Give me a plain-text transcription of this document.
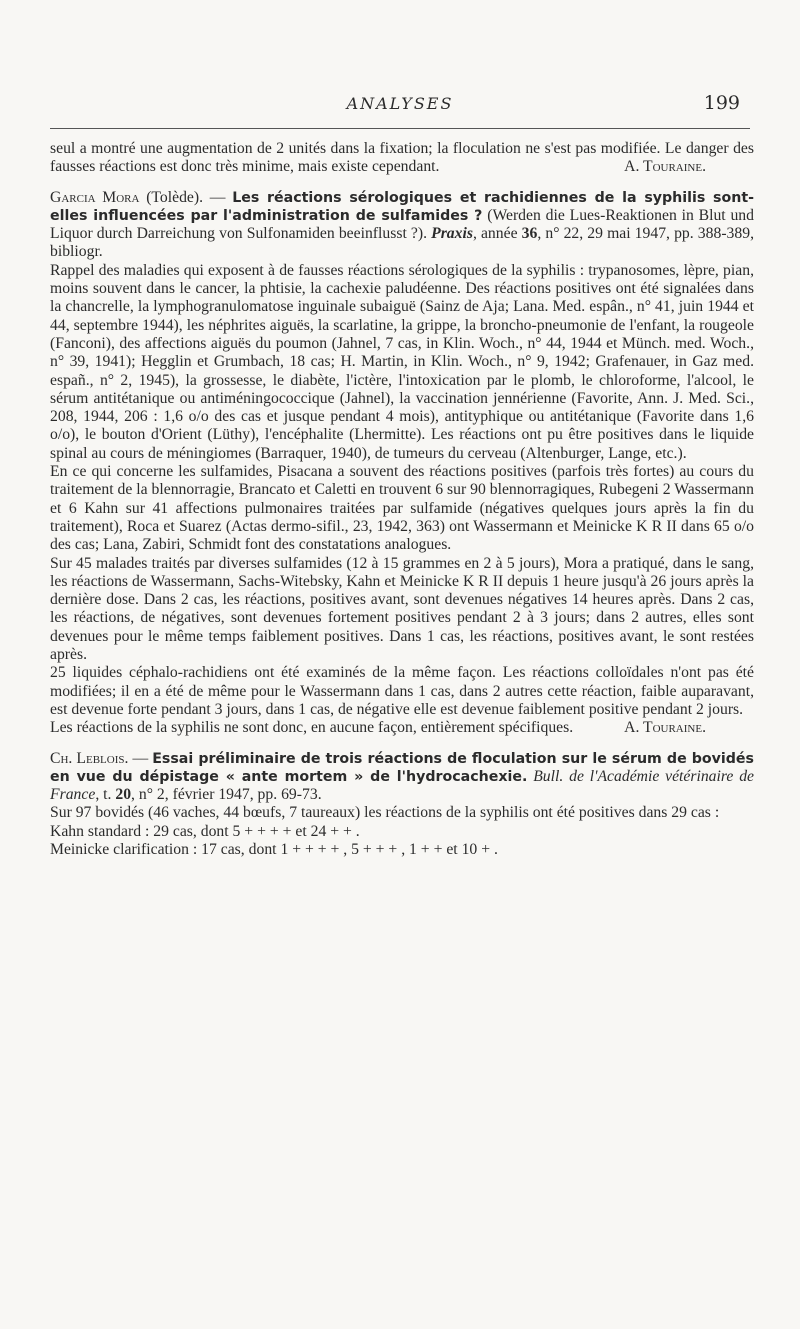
ANALYSES	199

seul a montré une augmentation de 2 unités dans la fixation; la floculation ne s'est pas modifiée. Le danger des fausses réactions est donc très minime, mais existe cependant.	A. Touraine.

Garcia Mora (Tolède). — Les réactions sérologiques et rachidiennes de la syphilis sont-elles influencées par l'administration de sulfamides ? (Werden die Lues-Reaktionen in Blut und Liquor durch Darreichung von Sulfonamiden beeinflusst ?). Praxis, année 36, n° 22, 29 mai 1947, pp. 388-389, bibliogr.

Rappel des maladies qui exposent à de fausses réactions sérologiques de la syphilis : trypanosomes, lèpre, pian, moins souvent dans le cancer, la phtisie, la cachexie paludéenne. Des réactions positives ont été signalées dans la chancrelle, la lymphogranulomatose inguinale subaiguë (Sainz de Aja; Lana. Med. espân., n° 41, juin 1944 et 44, septembre 1944), les néphrites aiguës, la scarlatine, la grippe, la broncho-pneumonie de l'enfant, la rougeole (Fanconi), des affections aiguës du poumon (Jahnel, 7 cas, in Klin. Woch., n° 44, 1944 et Münch. med. Woch., n° 39, 1941); Hegglin et Grumbach, 18 cas; H. Martin, in Klin. Woch., n° 9, 1942; Grafenauer, in Gaz med. españ., n° 2, 1945), la grossesse, le diabète, l'ictère, l'intoxication par le plomb, le chloroforme, l'alcool, le sérum antitétanique ou antiméningococcique (Jahnel), la vaccination jennérienne (Favorite, Ann. J. Med. Sci., 208, 1944, 206 : 1,6 o/o des cas et jusque pendant 4 mois), antityphique ou antitétanique (Favorite dans 1,6 o/o), le bouton d'Orient (Lüthy), l'encéphalite (Lhermitte). Les réactions ont pu être positives dans le liquide spinal au cours de méningiomes (Barraquer, 1940), de tumeurs du cerveau (Altenburger, Lange, etc.).

En ce qui concerne les sulfamides, Pisacana a souvent des réactions positives (parfois très fortes) au cours du traitement de la blennorragie, Brancato et Caletti en trouvent 6 sur 90 blennorragiques, Rubegeni 2 Wassermann et 6 Kahn sur 41 affections pulmonaires traitées par sulfamide (négatives quelques jours après la fin du traitement), Roca et Suarez (Actas dermo-sifil., 23, 1942, 363) ont Wassermann et Meinicke K R II dans 65 o/o des cas; Lana, Zabiri, Schmidt font des constatations analogues.

Sur 45 malades traités par diverses sulfamides (12 à 15 grammes en 2 à 5 jours), Mora a pratiqué, dans le sang, les réactions de Wassermann, Sachs-Witebsky, Kahn et Meinicke K R II depuis 1 heure jusqu'à 26 jours après la dernière dose. Dans 2 cas, les réactions, positives avant, sont devenues négatives 14 heures après. Dans 2 cas, les réactions, de négatives, sont devenues fortement positives pendant 2 à 3 jours; dans 2 autres, elles sont devenues pour le même temps faiblement positives. Dans 1 cas, les réactions, positives avant, le sont restées après.

25 liquides céphalo-rachidiens ont été examinés de la même façon. Les réactions colloïdales n'ont pas été modifiées; il en a été de même pour le Wassermann dans 1 cas, dans 2 autres cette réaction, faible auparavant, est devenue forte pendant 3 jours, dans 1 cas, de négative elle est devenue faiblement positive pendant 2 jours.

Les réactions de la syphilis ne sont donc, en aucune façon, entièrement spécifiques.	A. Touraine.

Ch. Leblois. — Essai préliminaire de trois réactions de floculation sur le sérum de bovidés en vue du dépistage « ante mortem » de l'hydrocachexie. Bull. de l'Académie vétérinaire de France, t. 20, n° 2, février 1947, pp. 69-73.

Sur 97 bovidés (46 vaches, 44 bœufs, 7 taureaux) les réactions de la syphilis ont été positives dans 29 cas :

Kahn standard : 29 cas, dont 5 + + + + et 24 + + .

Meinicke clarification : 17 cas, dont 1 + + + + , 5 + + + , 1 + + et 10 + .
